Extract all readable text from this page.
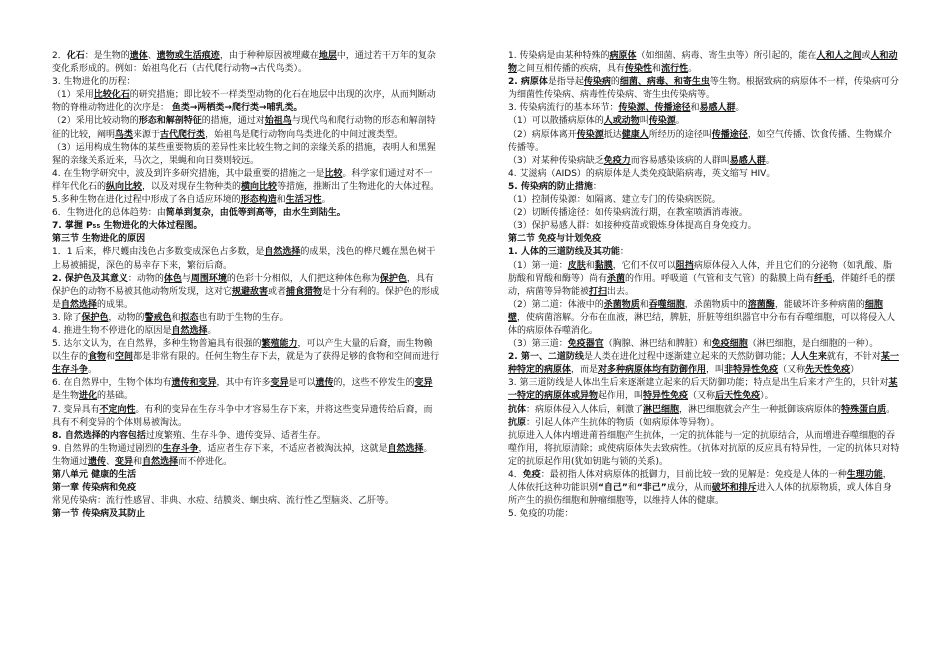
2．化石：是生物的遗体、遗物或生活痕迹，由于种种原因被埋藏在地层中，通过若干万年的复杂变化系形成的。例如：始祖鸟化石（古代爬行动物→古代鸟类）。
3. 生物进化的历程：
（1）采用比较化石的研究措施；即比较不一样类型动物的化石在地层中出现的次序，从而判断动物的脊椎动物进化的次序是： 鱼类→两栖类→爬行类→哺乳类。
（2）采用比较动物的形态和解剖特征的措施，通过对始祖鸟与现代鸟和爬行动物的形态和解剖特征的比较，阐明鸟类来源于古代爬行类，始祖鸟是爬行动物向鸟类进化的中间过渡类型。
（3）运用构成生物体的某些重要物质的差异性来比较生物之间的亲缘关系的措施，表明人和黑猩猩的亲缘关系近来，马次之，果蝇和向日葵则较远。
4. 在生物学研究中，波及到许多研究措施，其中最重要的措施之一是比较。科学家们通过对不一样年代化石的纵向比较，以及对现存生物种类的横向比较等措施，推断出了生物进化的大体过程。
5.多种生物在进化过程中形成了各自适应环境的形态构造和生活习性。
6．生物进化的总体趋势：由简单到复杂，由低等到高等，由水生到陆生。
7. 掌握 P₅₅ 生物进化的大体过程图。
第三节 生物进化的原因
1．1 后来，桦尺蠖由浅色占多数变成深色占多数，是自然选择的成果，浅色的桦尺蠖在黑色树干上易被捕捉，深色的易幸存下来，繁衍后裔。
2. 保护色及其意义：动物的体色与周围环境的色彩十分相似，人们把这种体色称为保护色，具有保护色的动物不易被其他动物所发现，这对它规避敌害或者捕食猎物是十分有利的。保护色的形成是自然选择的成果。
3. 除了保护色，动物的警戒色和拟态也有助于生物的生存。
4. 推进生物不停进化的原因是自然选择。
5. 达尔文认为，在自然界，多种生物普遍具有很强的繁殖能力，可以产生大量的后裔，而生物赖以生存的食物和空间都是非常有限的。任何生物生存下去，就是为了获得足够的食物和空间而进行生存斗争。
6. 在自然界中，生物个体均有遗传和变异，其中有许多变异是可以遗传的，这些不停发生的变异是生物进化的基础。
7. 变异具有不定向性。有利的变异在生存斗争中才容易生存下来，并将这些变异遗传给后裔，而具有不利变异的个体则易被淘汰。
8. 自然选择的内容包括过度繁殖、生存斗争、遗传变异、适者生存。
9. 自然界的生物通过剧烈的生存斗争，适应者生存下来，不适应者被淘汰掉，这就是自然选择。生物通过遗传、变异和自然选择而不停进化。
第八单元 健康的生活
第一章 传染病和免疫
常见传染病：流行性感冒、非典、水痘、结膜炎、蛔虫病、流行性乙型脑炎、乙肝等。
第一节 传染病及其防止
1. 传染病是由某种特殊的病原体（如细菌、病毒、寄生虫等）所引起的，能在人和人之间或人和动物之间互相传播的疾病，具有传染性和流行性。
2. 病原体是指导起传染病的细菌、病毒、和寄生虫等生物。根据致病的病原体不一样，传染病可分为细菌性传染病、病毒性传染病、寄生虫传染病等。
3. 传染病流行的基本环节：传染源、传播途径和易感人群。
（1）可以散播病原体的人或动物叫传染源。
（2）病原体离开传染源抵达健康人所经历的途径叫传播途径，如空气传播、饮食传播、生物媒介传播等。
（3）对某种传染病缺乏免疫力而容易感染该病的人群叫易感人群。
4. 艾滋病（AIDS）的病原体是人类免疫缺陷病毒，英文缩写 HIV。
5. 传染病的防止措施：
（1）控制传染源：如隔离、建立专门的传染病医院。
（2）切断传播途径：如传染病流行期，在教室喷洒消毒液。
（3）保护易感人群：如接种疫苗或锻炼身体提高自身免疫力。
第二节 免疫与计划免疫
1. 人体的三道防线及其功能：
（1）第一道：皮肤和黏膜，它们不仅可以阻挡病原体侵入人体，并且它们的分泌物（如乳酸、脂肪酸和胃酸和酶等）尚有杀菌的作用。呼吸道（气管和支气管）的黏膜上尚有纤毛，伴随纤毛的摆动，病菌等异物能被打扫出去。
（2）第二道：体液中的杀菌物质和吞噬细胞，杀菌物质中的溶菌酶，能破坏许多种病菌的细胞壁，使病菌溶解。分布在血液，淋巴结，脾脏，肝脏等组织器官中分布有吞噬细胞，可以将侵入人体的病原体吞噬消化。
（3）第三道：免疫器官（胸腺、淋巴结和脾脏）和免疫细胞（淋巴细胞，是白细胞的一种）。
2. 第一、二道防线是人类在进化过程中逐渐建立起来的天然防御功能；人人生来就有，不针对某一种特定的病原体，而是对多种病原体均有防御作用，叫非特异性免疫（又称先天性免疫）
3. 第三道防线是人体出生后来逐渐建立起来的后天防御功能；特点是出生后来才产生的，只针对某一特定的病原体或异物起作用，叫特异性免疫（又称后天性免疫）。
抗体：病原体侵入人体后，刺激了淋巴细胞，淋巴细胞就会产生一种抵御该病原体的特殊蛋白质。
抗原：引起人体产生抗体的物质（如病原体等异物）。
抗原进入人体内增进莆苔细胞产生抗体，一定的抗体能与一定的抗原结合，从而增进吞噬细胞的吞噬作用，将抗原清除；或使病原体失去致病性。（抗体对抗原的反应具有特异性，一定的抗体只对特定的抗原起作用(犹如钥匙与锁的关系)。
4．免疫：最初指人体对病原体的抵御力，目前比较一致的见解是：免疫是人体的一种生理功能，人体依托这种功能识别“自己”和“非己”成分，从而破坏和排斥进入人体的抗原物质，或人体自身所产生的损伤细胞和肿瘤细胞等，以维持人体的健康。
5. 免疫的功能：
